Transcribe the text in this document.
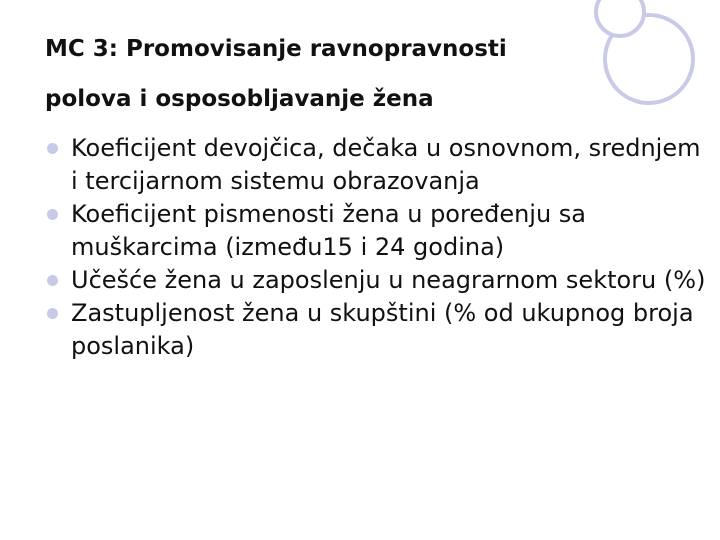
MC 3: Promovisanje ravnopravnosti
polova i osposobljavanje žena
Koeficijent devojčica, dečaka u osnovnom, srednjem i tercijarnom sistemu obrazovanja
Koeficijent pismenosti žena u poređenju sa muškarcima (između15 i 24 godina)
Učešće žena u zaposlenju u neagrarnom sektoru (%)
Zastupljenost žena u skupštini (% od ukupnog broja poslanika)
